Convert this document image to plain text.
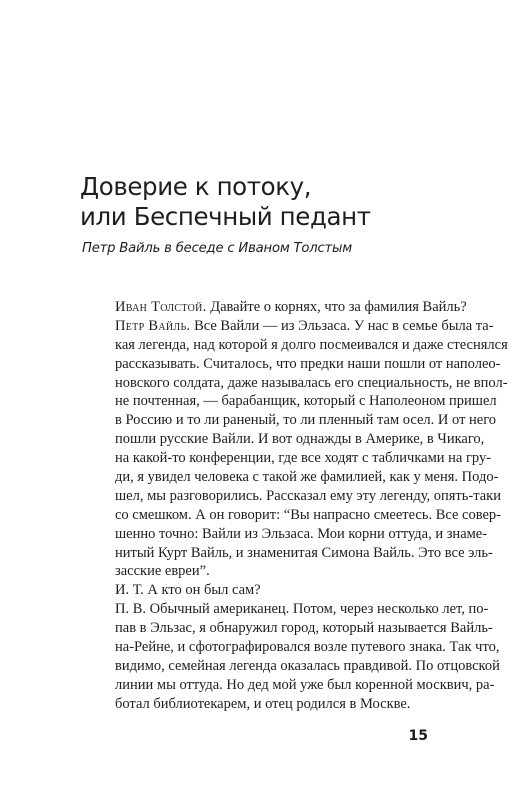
Доверие к потоку,
или Беспечный педант
Петр Вайль в беседе с Иваном Толстым
Иван Толстой. Давайте о корнях, что за фамилия Вайль?
Петр Вайль. Все Вайли — из Эльзаса. У нас в семье была та-
кая легенда, над которой я долго посмеивался и даже стеснялся
рассказывать. Считалось, что предки наши пошли от наполео-
новского солдата, даже называлась его специальность, не впол-
не почтенная, — барабанщик, который с Наполеоном пришел
в Россию и то ли раненый, то ли пленный там осел. И от него
пошли русские Вайли. И вот однажды в Америке, в Чикаго,
на какой-то конференции, где все ходят с табличками на гру-
ди, я увидел человека с такой же фамилией, как у меня. Подо-
шел, мы разговорились. Рассказал ему эту легенду, опять-таки
со смешком. А он говорит: “Вы напрасно смеетесь. Все совер-
шенно точно: Вайли из Эльзаса. Мои корни оттуда, и знаме-
нитый Курт Вайль, и знаменитая Симона Вайль. Это все эль-
засские евреи”.
И. Т. А кто он был сам?
П. В. Обычный американец. Потом, через несколько лет, по-
пав в Эльзас, я обнаружил город, который называется Вайль-
на-Рейне, и сфотографировался возле путевого знака. Так что,
видимо, семейная легенда оказалась правдивой. По отцовской
линии мы оттуда. Но дед мой уже был коренной москвич, ра-
ботал библиотекарем, и отец родился в Москве.
15
